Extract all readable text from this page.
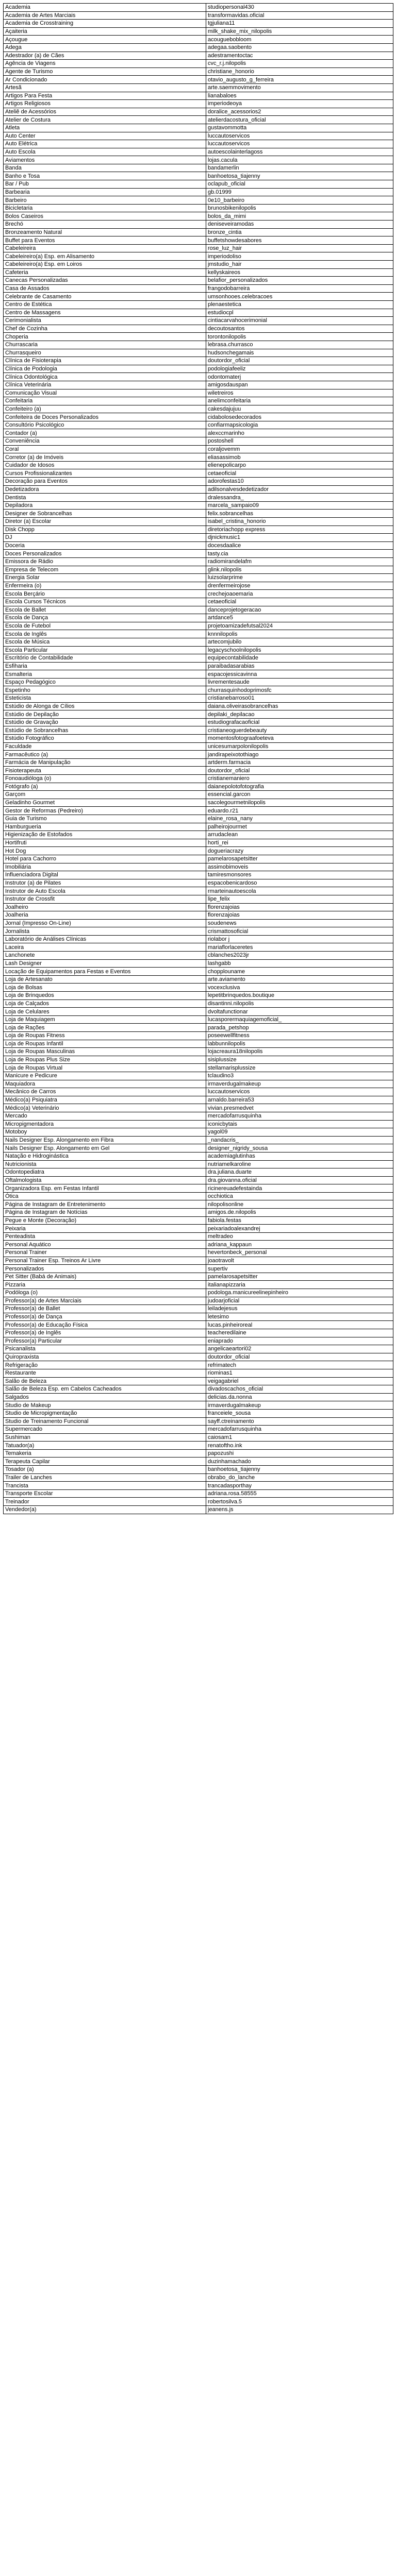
Academia	studiopersonal430
Academia de Artes Marciais	transformavidas.oficial
Academia de Crosstraining	tgjuliana11
Açaiteria	milk_shake_mix_nilopolis
Açougue	acouguebobloom
Adega	adegaa.saobento
Adestrador (a) de Cães	adestramentoctac
Agência de Viagens	cvc_r.j.nilopolis
Agente de Turismo	christiane_honorio
Ar Condicionado	otavio_augusto_g_ferreira
Artesã	arte.saemmovimento
Artigos Para Festa	lianabaloes
Artigos Religiosos	imperiodeoya
Ateliê de Acessórios	doralice_acessorios2
Atelier de Costura	atelierdacostura_oficial
Atleta	gustavommotta
Auto Center	luccautoservicos
Auto Elétrica	luccautoservicos
Auto Escola	autoescolainterlagoss
Aviamentos	lojas.cacula
Banda	bandamerlin
Banho e Tosa	banhoetosa_tiajenny
Bar / Pub	oclapub_oficial
Barbearia	gb.01999
Barbeiro	0e10_barbeiro
Bicicletaria	brunosbikenilopolis
Bolos Caseiros	bolos_da_mimi
Brechó	deniseveiramodas
Bronzeamento Natural	bronze_cintia
Buffet para Eventos	buffetshowdesabores
Cabeleireira	rose_luz_hair
Cabeleireiro(a) Esp. em Alisamento	imperiodoliso
Cabeleireiro(a) Esp. em Loiros	jmstudio_hair
Cafeteria	kellyskaireos
Canecas Personalizadas	belafior_personalizados
Casa de Assados	frangodobarreira
Celebrante de Casamento	umsonhooes.celebracoes
Centro de Estética	plenaestetica
Centro de Massagens	estudiocpl
Cerimonialista	cintiacarvahocerimonial
Chef de Cozinha	decoutosantos
Choperia	torontonilopolis
Churrascaria	lebrasa.churrasco
Churrasqueiro	hudsonchegamais
Clínica de Fisioterapia	doutordor_oficial
Clínica de Podologia	podologiafeeliz
Clínica Odontológica	odontomaterj
Clínica Veterinária	amigosdauspan
Comunicação Visual	wiletreiros
Confeitaria	anelimconfeitaria
Confeiteiro (a)	cakesdajujuu
Confeiteira de Doces Personalizados	cidabolosedecorados
Consultório Psicológico	confiarmapsicologia
Contador (a)	alexccmarinho
Conveniência	postoshell
Coral	coraljovemm
Corretor (a) de Imóveis	eliasassimob
Cuidador de Idosos	elienepolicarpo
Cursos Profissionalizantes	cetaeoficial
Decoração para Eventos	adorofestas10
Dedetizadora	adilsonalvesdedetizador
Dentista	dralessandra_
Depiladora	marcela_sampaio09
Designer de Sobrancelhas	felix.sobrancelhas
Diretor (a) Escolar	isabel_cristina_honorio
Disk Chopp	diretoriachopp express
DJ	djnickmusic1
Doceria	docesdaalice
Doces Personalizados	tasty.cia
Emissora de Rádio	radiomirandelafm
Empresa de Telecom	glink.nilopolis
Energia Solar	luizsolarprime
Enfermeira (o)	drenfermeirojose
Escola Berçário	crechejoaoemaria
Escola Cursos Técnicos	cetaeoficial
Escola de Ballet	danceprojetogeracao
Escola de Dança	artdance5
Escola de Futebol	projetoamizadefutsal2024
Escola de Inglês	knnnilopolis
Escola de Música	artecomjubilo
Escola Particular	legacyschoolnilopolis
Escritório de Contabilidade	equipecontabilidade
Esfiharia	paraibadasarabias
Esmalteria	espacojessicavinna
Espaço Pedagógico	livrementesaude
Espetinho	churrasquinhodoprimosfc
Esteticista	cristianebarroso01
Estúdio de Alonga de Cílios	daiana.oliveirasobrancelhas
Estúdio de Depilação	depilaki_depilacao
Estúdio de Gravação	estudiografacaoficial
Estúdio de Sobrancelhas	cristianeoguerdebeauty
Estúdio Fotográfico	momentosfotograafoeteva
Faculdade	unicesumarpolonilopolis
Farmacêutico (a)	jandirapeixotothiago
Farmácia de Manipulação	artderm.farmacia
Fisioterapeuta	doutordor_oficial
Fonoaudióloga (o)	cristianemaniero
Fotógrafo (a)	daianepolotofotografia
Garçom	essencial.garcon
Geladinho Gourmet	sacolegourmetnilopolis
Gestor de Reformas (Pedreiro)	eduardo.r21
Guia de Turismo	elaine_rosa_nany
Hamburgueria	palheirojourmet
Higienização de Estofados	arrudaclean
Hortifruti	horti_rei
Hot Dog	dogueriacrazy
Hotel para Cachorro	pamelarosapetsitter
Imobiliária	assimobimoveis
Influenciadora Digital	tamiresmonsores
Instrutor (a) de Pilates	espacobenicardoso
Instrutor de Auto Escola	rmarteinautoescola
Instrutor de Crossfit	lipe_felix
Joalheiro	florenzajoias
Joalheria	florenzajoias
Jornal (Impresso On-Line)	soudenews
Jornalista	crismattosoficial
Laboratório de Análises Clínicas	riolabor j
Laceira	mariaflorlaceretes
Lanchonete	cblanches2023jr
Lash Designer	lashgabb
Locação de Equipamentos para Festas e Eventos	chopplouname
Loja de Artesanato	arte.aviamento
Loja de Bolsas	vocexclusiva
Loja de Brinquedos	lepetitbrinquedos.boutique
Loja de Calçados	disantinni.nilopolis
Loja de Celulares	dvoltafunctionar
Loja de Maquiagem	lucasporermaquiagemoficial_
Loja de Rações	parada_petshop
Loja de Roupas Fitness	poseewellfitness
Loja de Roupas Infantil	labbunnilopolis
Loja de Roupas Masculinas	lojacreaura18nilopolis
Loja de Roupas Plus Size	sisiplussize
Loja de Roupas Virtual	stellamarisplussize
Manicure e Pedicure	tclaudino3
Maquiadora	irmaverdugalmakeup
Mecânico de Carros	luccautoservicos
Médico(a) Psiquiatra	arnaldo.barreira53
Médico(a) Veterinário	vivian.presmedvet
Mercado	mercadofarrusquinha
Micropigmentadora	iconicbytais
Motoboy	yagol09
Nails Designer Esp. Alongamento em Fibra	_nandacris_
Nails Designer Esp. Alongamento em Gel	designer_nigridy_sousa
Natação e Hidroginástica	academiaglutinhas
Nutricionista	nutriamelkaroline
Odontopediatra	dra.juliana.duarte
Oftalmologista	dra.giovanna.oficial
Organizadora Esp. em Festas Infantil	ricinereuadefestainda
Ótica	occhiotica
Página de Instagram de Entretenimento	nilopolisonline
Página de Instagram de Notícias	amigos.de.nilopolis
Pegue e Monte (Decoração)	fabiola.festas
Peixaria	peixariadoalexandrej
Penteadista	meltradeo
Personal Aquático	adriana_kappaun
Personal Trainer	hevertonbeck_personal
Personal Trainer Esp. Treinos Ar Livre	joaotravolt
Personalizados	supertiv
Pet Sitter (Babá de Animais)	pamelarosapetsitter
Pizzaria	italianapizzaria
Podóloga (o)	podologa.manicureelinepinheiro
Professor(a) de Artes Marciais	judoarjoficial
Professor(a) de Ballet	leiladejesus
Professor(a) de Dança	letesimo
Professor(a) de Educação Física	lucas.pinheiroreal
Professor(a) de Inglês	teacheredilaine
Professor(a) Particular	eniaprado
Psicanalista	angelicaeartori02
Quiropraxista	doutordor_oficial
Refrigeração	refrimatech
Restaurante	riominas1
Salão de Beleza	veigagabriel
Salão de Beleza Esp. em Cabelos Cacheados	divadoscachos_oficial
Salgados	delicias.da.nonna
Studio de Makeup	irmaverdugalmakeup
Studio de Micropigmentação	franceiele_sousa
Studio de Treinamento Funcional	sayff.ctreinamento
Supermercado	mercadofarrusquinha
Sushiman	caiosam1
Tatuador(a)	renatoftho.ink
Temakeria	papozushi
Terapeuta Capilar	duzinhamachado
Tosador (a)	banhoetosa_tiajenny
Trailer de Lanches	obrabo_do_lanche
Trancista	trancadasporthay
Transporte Escolar	adriana.rosa.58555
Treinador	robertosilva.5
Vendedor(a)	jeanens.js
